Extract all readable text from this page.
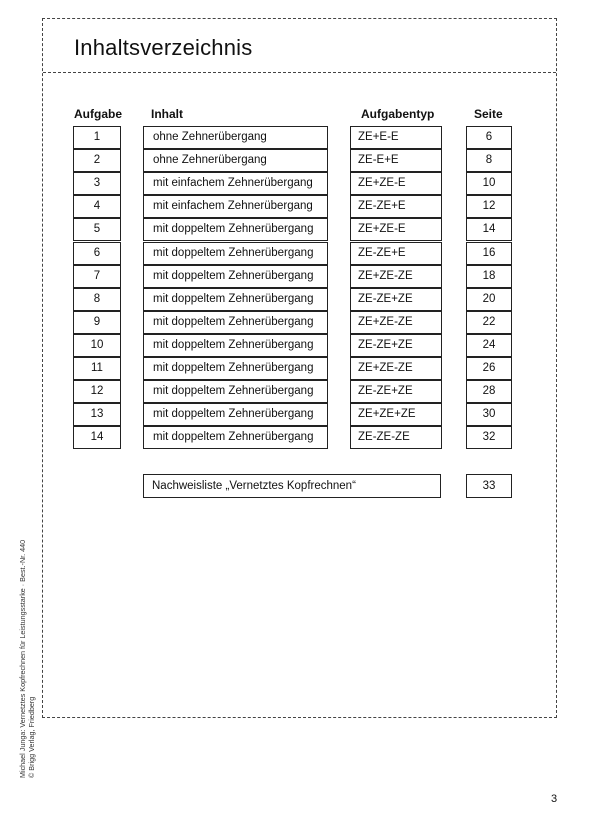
Inhaltsverzeichnis
Aufgabe Inhalt	Aufgabentyp	Seite
1	ohne Zehnerübergang	ZE+E-E	6
2	ohne Zehnerübergang	ZE-E+E	8
3	mit einfachem Zehnerübergang	ZE+ZE-E	10
4	mit einfachem Zehnerübergang	ZE-ZE+E	12
5	mit doppeltem Zehnerübergang	ZE+ZE-E	14
6	mit doppeltem Zehnerübergang	ZE-ZE+E	16
7	mit doppeltem Zehnerübergang	ZE+ZE-ZE	18
8	mit doppeltem Zehnerübergang	ZE-ZE+ZE	20
9	mit doppeltem Zehnerübergang	ZE+ZE-ZE	22
10	mit doppeltem Zehnerübergang	ZE-ZE+ZE	24
11	mit doppeltem Zehnerübergang	ZE+ZE-ZE	26
12	mit doppeltem Zehnerübergang	ZE-ZE+ZE	28
13	mit doppeltem Zehnerübergang	ZE+ZE+ZE	30
14	mit doppeltem Zehnerübergang	ZE-ZE-ZE	32
Nachweisliste „Vernetztes Kopfrechnen“	33
Michael Junga: Vernetztes Kopfrechnen für Leistungsstarke · Best.-Nr. 440 © Brigg Verlag, Friedberg
3
